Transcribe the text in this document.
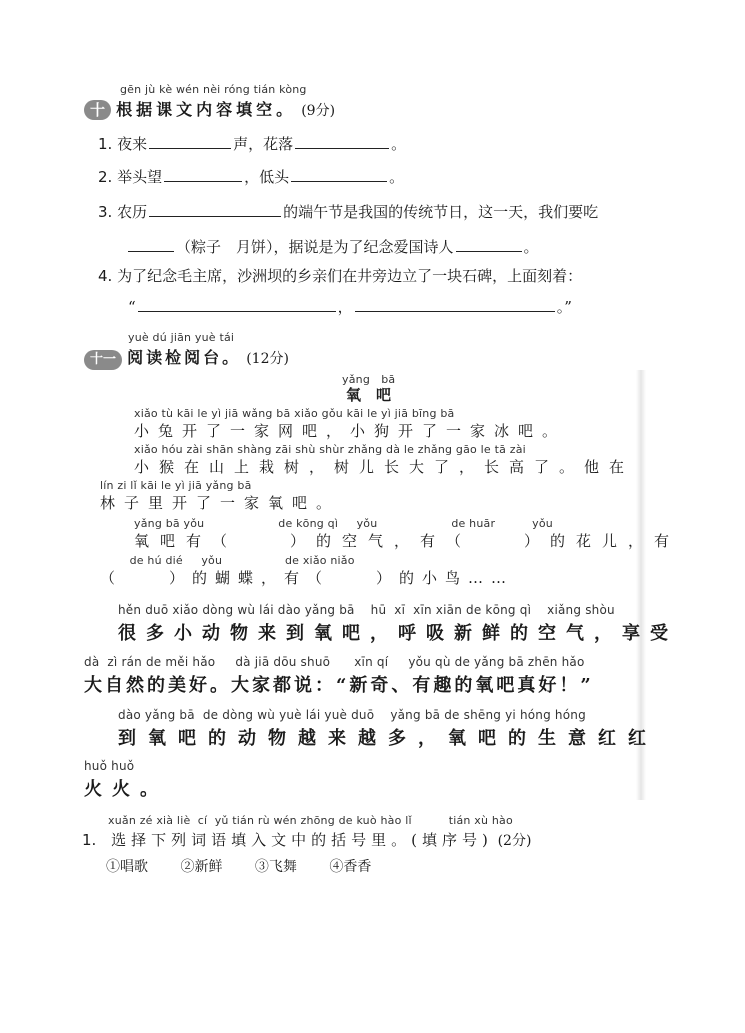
gēn jù kè wén nèi róng tián kòng
十 根据课文内容填空。 (9分)
1. 夜来	声，花落	。
2. 举头望	，低头	。
3. 农历	的端午节是我国的传统节日，这一天，我们要吃
（粽子　月饼），据说是为了纪念爱国诗人	。
4. 为了纪念毛主席，沙洲坝的乡亲们在井旁边立了一块石碑，上面刻着：
“	，	。”
yuè dú jiān yuè tái
十一 阅读检阅台。 (12分)
yǎng　bā
氧　吧
xiǎo tù kāi le yì jiā wǎng bā xiǎo gǒu kāi le yì jiā bīng bā
小兔开了一家网吧，小狗开了一家冰吧。
xiǎo hóu zài shān shàng zāi shù shùr zhǎng dà le zhǎng gāo le tā zài
小猴在山上栽树，树儿长大了，长高了。他在
lín zi lǐ kāi le yì jiā yǎng bā
林子里开了一家氧吧。
yǎng bā yǒu                    de kōng qì     yǒu                    de huār          yǒu
氧吧有（　　）的空气，有（　　）的花儿，有
de hú dié     yǒu                 de xiǎo niǎo
（　　）的蝴蝶，有（　　）的小鸟……
hěn duō xiǎo dòng wù lái dào yǎng bā    hū  xī  xīn xiān de kōng qì    xiǎng shòu
很多小动物来到氧吧，呼吸新鲜的空气，享受
dà  zì rán de měi hǎo     dà jiā dōu shuō      xīn qí     yǒu qù de yǎng bā zhēn hǎo
大自然的美好。大家都说：“新奇、有趣的氧吧真好！”
dào yǎng bā  de dòng wù yuè lái yuè duō    yǎng bā de shēng yi hóng hóng
到氧吧的动物越来越多，氧吧的生意红红
huǒ huǒ
火火。
xuǎn zé xià liè  cí  yǔ tián rù wén zhōng de kuò hào lǐ          tián xù hào
1. 选择下列词语填入文中的括号里。(填序号) (2分)
①唱歌 ②新鲜 ③飞舞 ④香香
